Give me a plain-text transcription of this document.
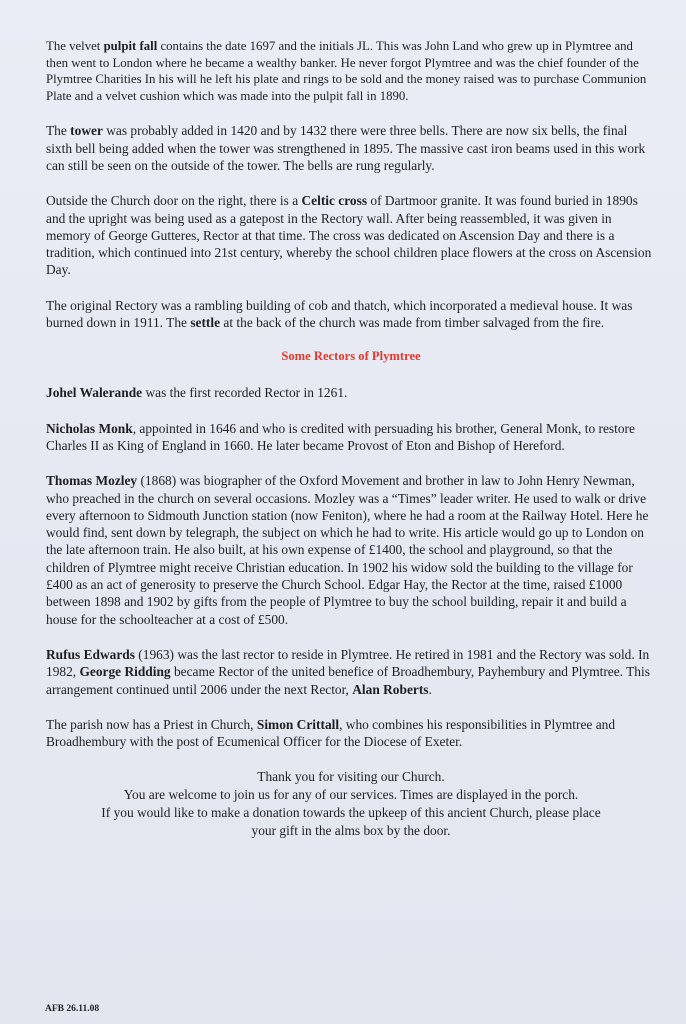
The velvet pulpit fall contains the date 1697 and the initials JL. This was John Land who grew up in Plymtree and then went to London where he became a wealthy banker. He never forgot Plymtree and was the chief founder of the Plymtree Charities In his will he left his plate and rings to be sold and the money raised was to purchase Communion Plate and a velvet cushion which was made into the pulpit fall in 1890.

The tower was probably added in 1420 and by 1432 there were three bells. There are now six bells, the final sixth bell being added when the tower was strengthened in 1895. The massive cast iron beams used in this work can still be seen on the outside of the tower. The bells are rung regularly.

Outside the Church door on the right, there is a Celtic cross of Dartmoor granite. It was found buried in 1890s and the upright was being used as a gatepost in the Rectory wall. After being reassembled, it was given in memory of George Gutteres, Rector at that time. The cross was dedicated on Ascension Day and there is a tradition, which continued into 21st century, whereby the school children place flowers at the cross on Ascension Day.

The original Rectory was a rambling building of cob and thatch, which incorporated a medieval house. It was burned down in 1911. The settle at the back of the church was made from timber salvaged from the fire.

Some Rectors of Plymtree

Johel Walerande was the first recorded Rector in 1261.

Nicholas Monk, appointed in 1646 and who is credited with persuading his brother, General Monk, to restore Charles II as King of England in 1660. He later became Provost of Eton and Bishop of Hereford.

Thomas Mozley (1868) was biographer of the Oxford Movement and brother in law to John Henry Newman, who preached in the church on several occasions. Mozley was a “Times” leader writer. He used to walk or drive every afternoon to Sidmouth Junction station (now Feniton), where he had a room at the Railway Hotel. Here he would find, sent down by telegraph, the subject on which he had to write. His article would go up to London on the late afternoon train. He also built, at his own expense of £1400, the school and playground, so that the children of Plymtree might receive Christian education. In 1902 his widow sold the building to the village for £400 as an act of generosity to preserve the Church School. Edgar Hay, the Rector at the time, raised £1000 between 1898 and 1902 by gifts from the people of Plymtree to buy the school building, repair it and build a house for the schoolteacher at a cost of £500.

Rufus Edwards (1963) was the last rector to reside in Plymtree. He retired in 1981 and the Rectory was sold. In 1982, George Ridding became Rector of the united benefice of Broadhembury, Payhembury and Plymtree. This arrangement continued until 2006 under the next Rector, Alan Roberts.

The parish now has a Priest in Church, Simon Crittall, who combines his responsibilities in Plymtree and Broadhembury with the post of Ecumenical Officer for the Diocese of Exeter.

Thank you for visiting our Church.
You are welcome to join us for any of our services. Times are displayed in the porch.
If you would like to make a donation towards the upkeep of this ancient Church, please place
your gift in the alms box by the door.
AFB 26.11.08
